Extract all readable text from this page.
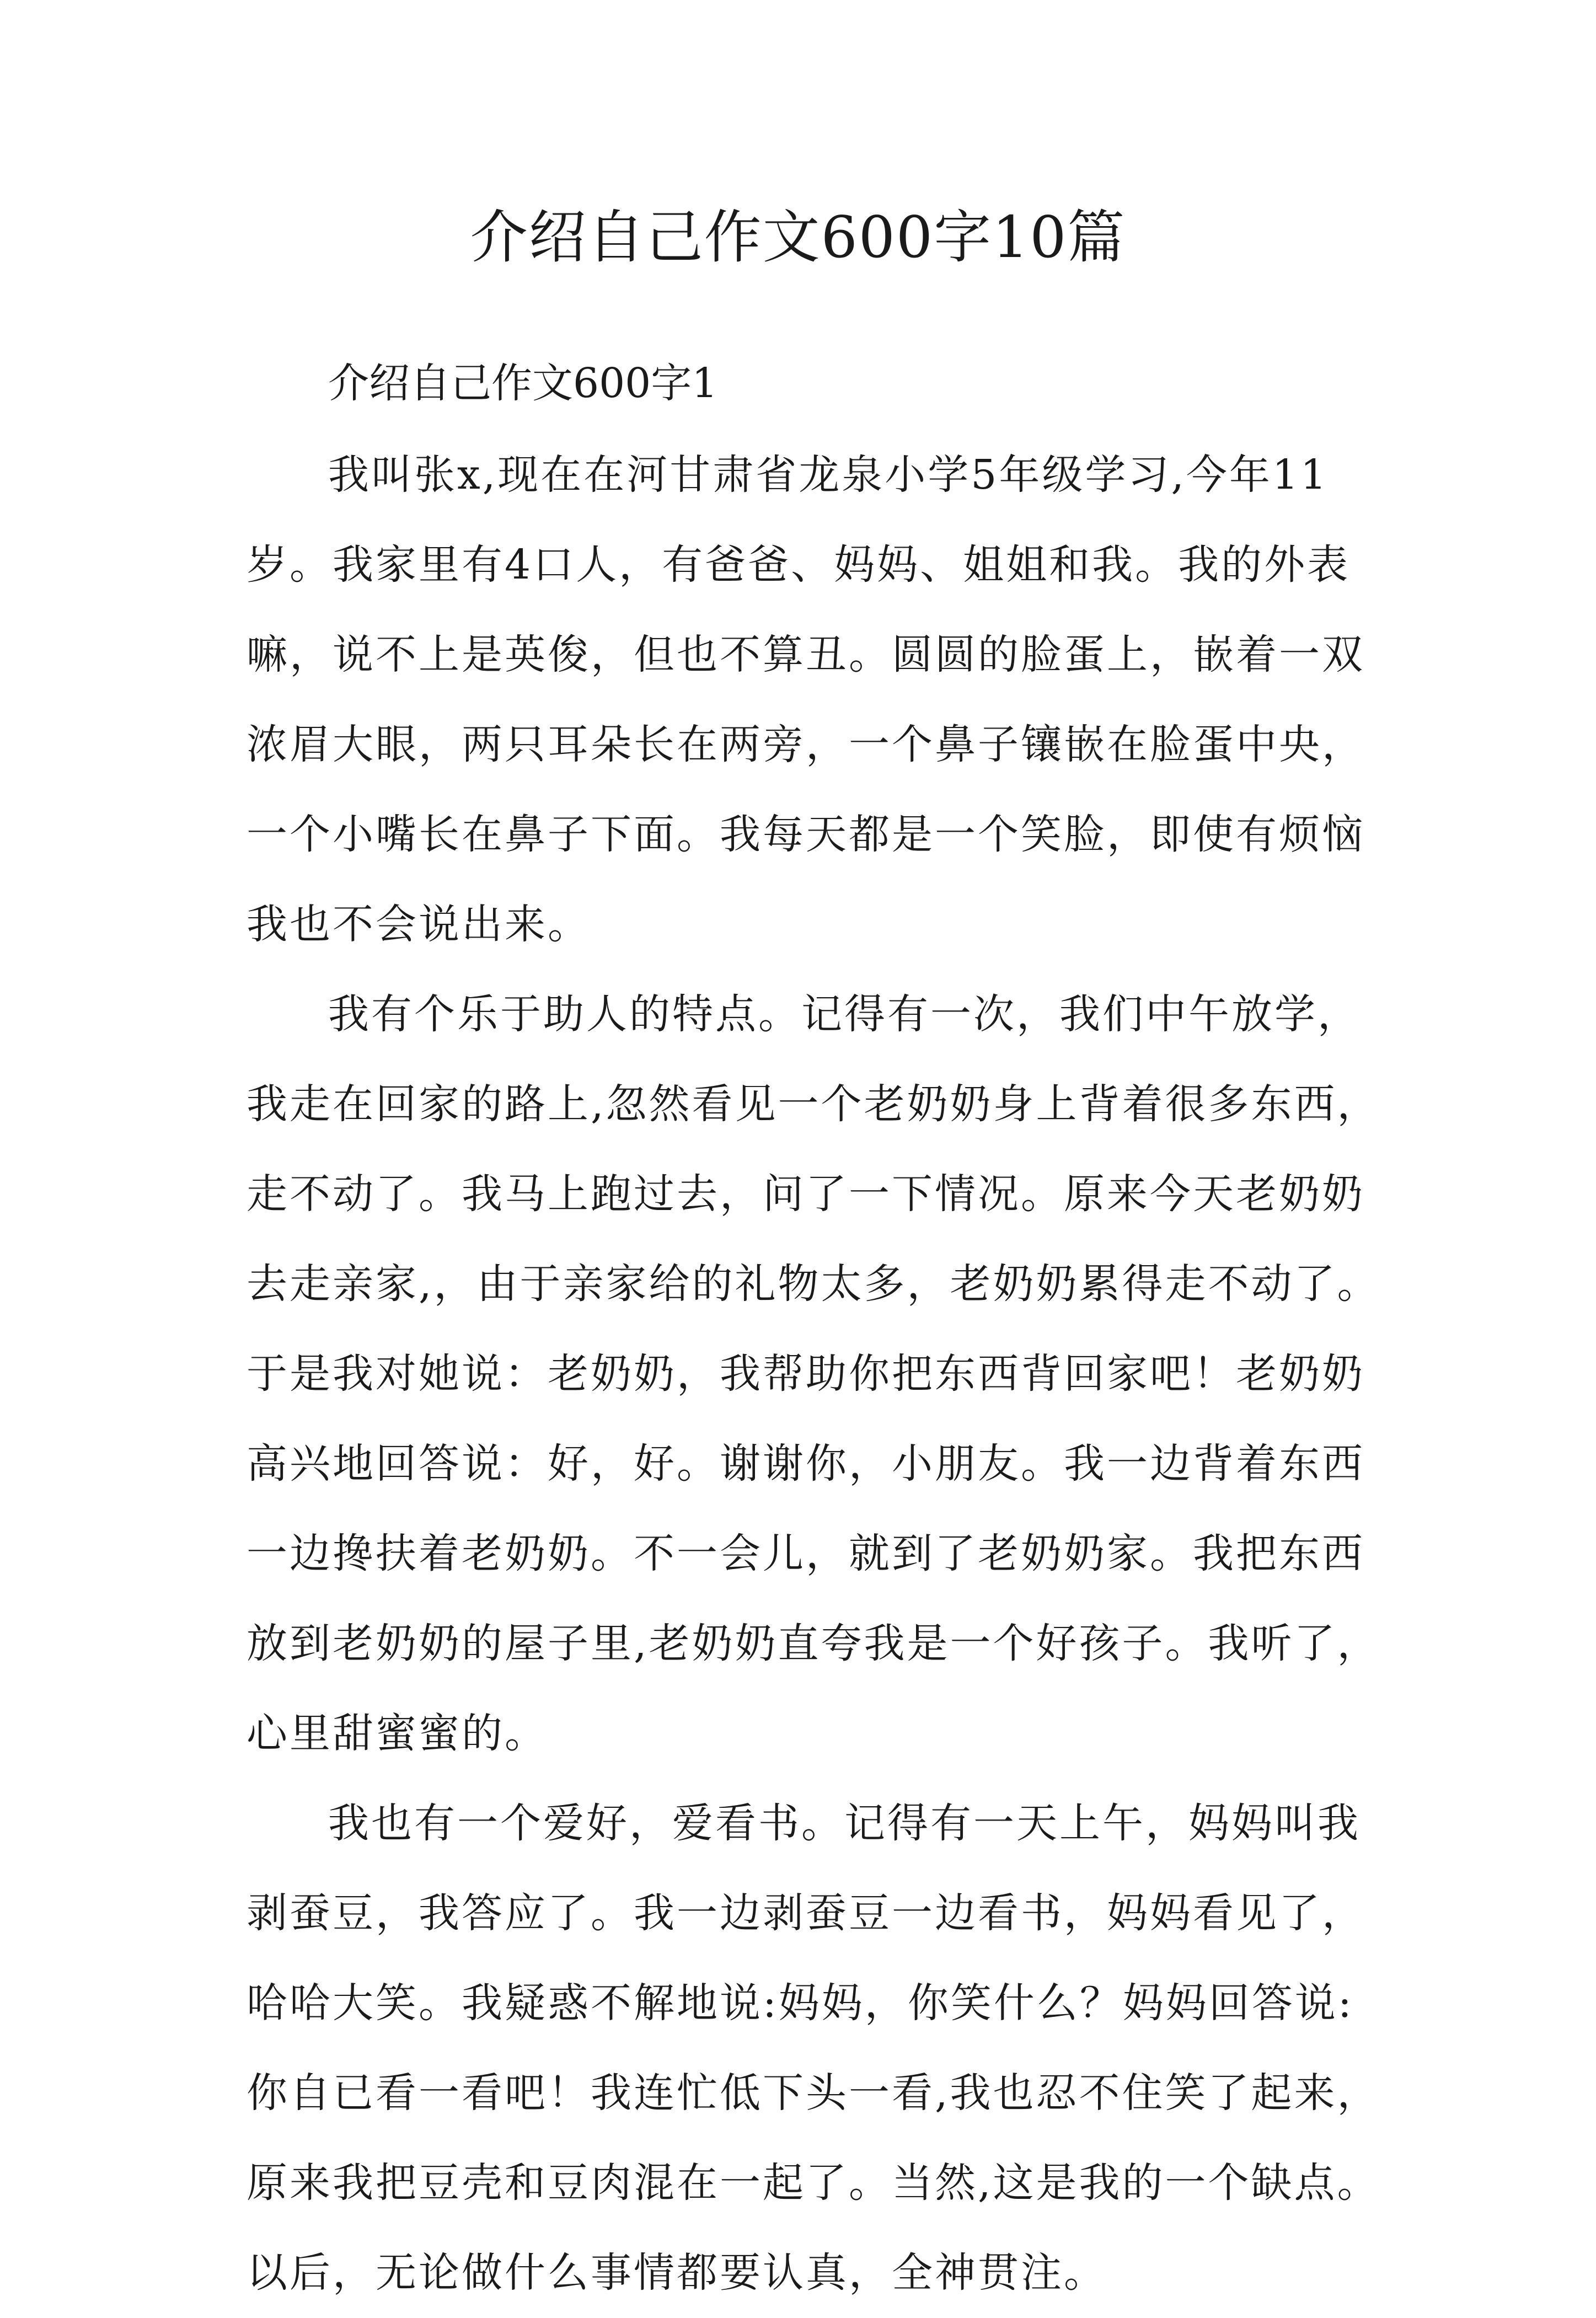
介绍自己作文600字10篇
介绍自己作文600字1
我叫张x,现在在河甘肃省龙泉小学5年级学习,今年11
岁。我家里有4口人，有爸爸、妈妈、姐姐和我。我的外表
嘛，说不上是英俊，但也不算丑。圆圆的脸蛋上，嵌着一双
浓眉大眼，两只耳朵长在两旁，一个鼻子镶嵌在脸蛋中央，
一个小嘴长在鼻子下面。我每天都是一个笑脸，即使有烦恼
我也不会说出来。
我有个乐于助人的特点。记得有一次，我们中午放学，
我走在回家的路上,忽然看见一个老奶奶身上背着很多东西，
走不动了。我马上跑过去，问了一下情况。原来今天老奶奶
去走亲家,，由于亲家给的礼物太多，老奶奶累得走不动了。
于是我对她说：老奶奶，我帮助你把东西背回家吧！老奶奶
高兴地回答说：好，好。谢谢你，小朋友。我一边背着东西
一边搀扶着老奶奶。不一会儿，就到了老奶奶家。我把东西
放到老奶奶的屋子里,老奶奶直夸我是一个好孩子。我听了，
心里甜蜜蜜的。
我也有一个爱好，爱看书。记得有一天上午，妈妈叫我
剥蚕豆，我答应了。我一边剥蚕豆一边看书，妈妈看见了，
哈哈大笑。我疑惑不解地说:妈妈，你笑什么？妈妈回答说:
你自已看一看吧！我连忙低下头一看,我也忍不住笑了起来，
原来我把豆壳和豆肉混在一起了。当然,这是我的一个缺点。
以后，无论做什么事情都要认真，全神贯注。
